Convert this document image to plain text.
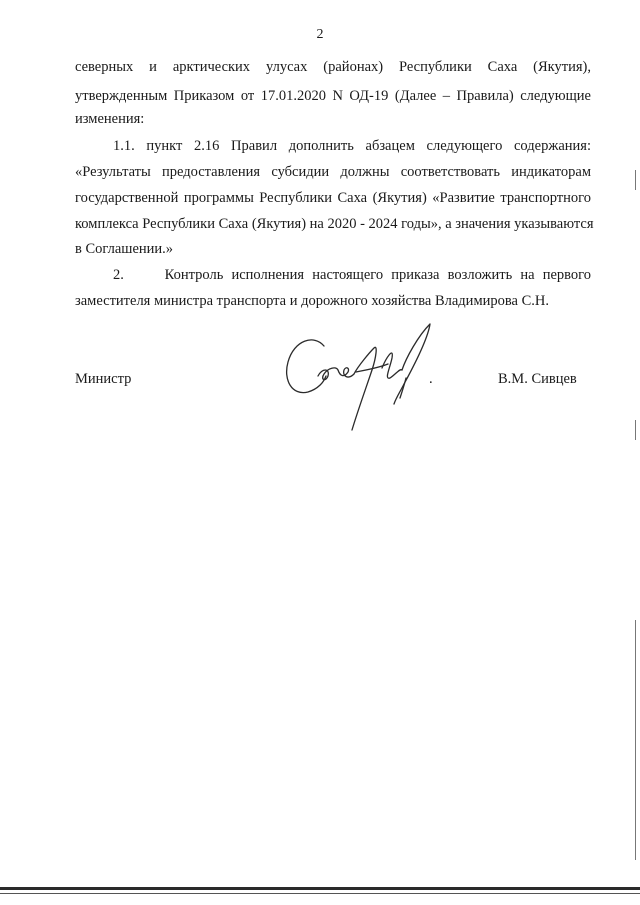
2
северных и арктических улусах (районах) Республики Саха (Якутия),
утвержденным Приказом от 17.01.2020 N ОД-19 (Далее – Правила) следующие
изменения:
1.1. пункт 2.16 Правил дополнить абзацем следующего содержания:
«Результаты предоставления субсидии должны соответствовать индикаторам
государственной программы Республики Саха (Якутия) «Развитие транспортного
комплекса Республики Саха (Якутия) на 2020 - 2024 годы», а значения указываются
в Соглашении.»
2.     Контроль исполнения настоящего приказа возложить на первого
заместителя министра транспорта и дорожного хозяйства Владимирова С.Н.
Министр	.	В.М. Сивцев
